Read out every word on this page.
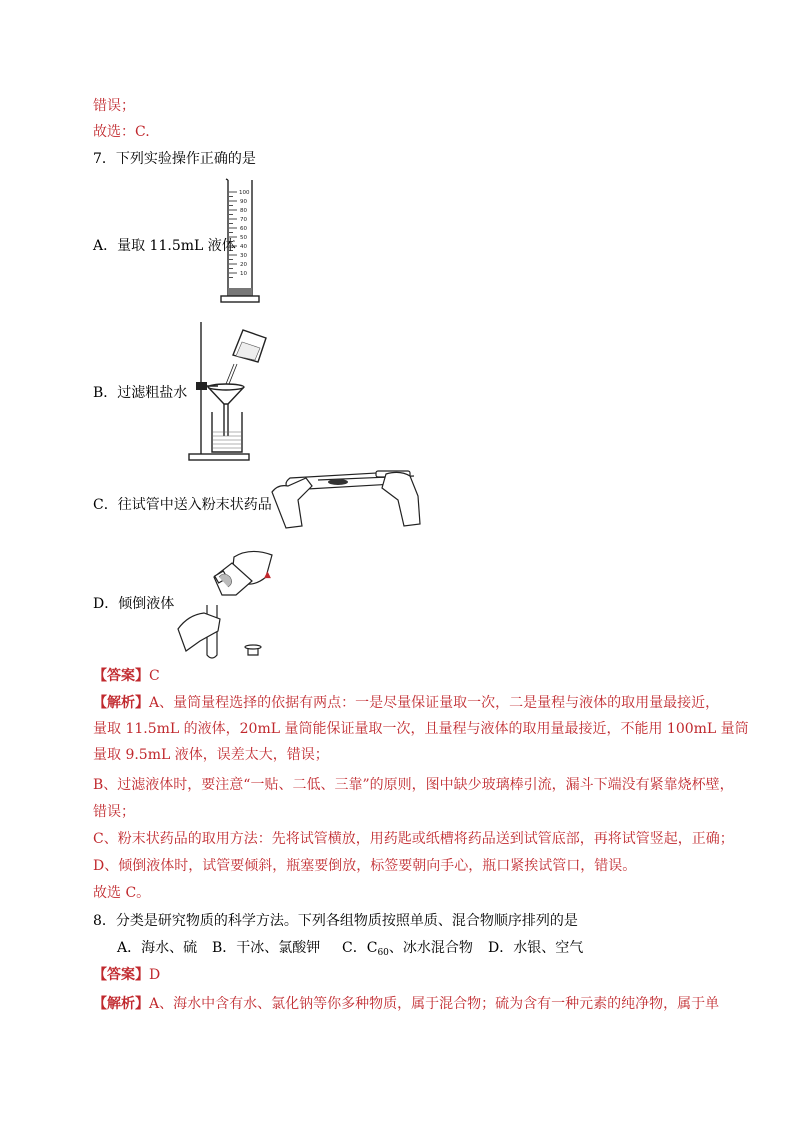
错误；
故选：C.
7．下列实验操作正确的是
A．量取 11.5mL 液体
100
90
80
70
60
50
40
30
20
10
B．过滤粗盐水
C．往试管中送入粉末状药品
D．倾倒液体
▲
【答案】C
【解析】A、量筒量程选择的依据有两点：一是尽量保证量取一次，二是量程与液体的取用量最接近，
量取 11.5mL 的液体，20mL 量筒能保证量取一次，且量程与液体的取用量最接近，不能用 100mL 量筒
量取 9.5mL 液体，误差太大，错误；
B、过滤液体时，要注意“一贴、二低、三靠”的原则，图中缺少玻璃棒引流，漏斗下端没有紧靠烧杯壁，
错误；
C、粉末状药品的取用方法：先将试管横放，用药匙或纸槽将药品送到试管底部，再将试管竖起，正确；
D、倾倒液体时，试管要倾斜，瓶塞要倒放，标签要朝向手心，瓶口紧挨试管口，错误。
故选 C。
8．分类是研究物质的科学方法。下列各组物质按照单质、混合物顺序排列的是
A．海水、硫 B．干冰、氯酸钾 C．$C_{60}$、冰水混合物 D．水银、空气
【答案】D
【解析】A、海水中含有水、氯化钠等你多种物质，属于混合物；硫为含有一种元素的纯净物，属于单
